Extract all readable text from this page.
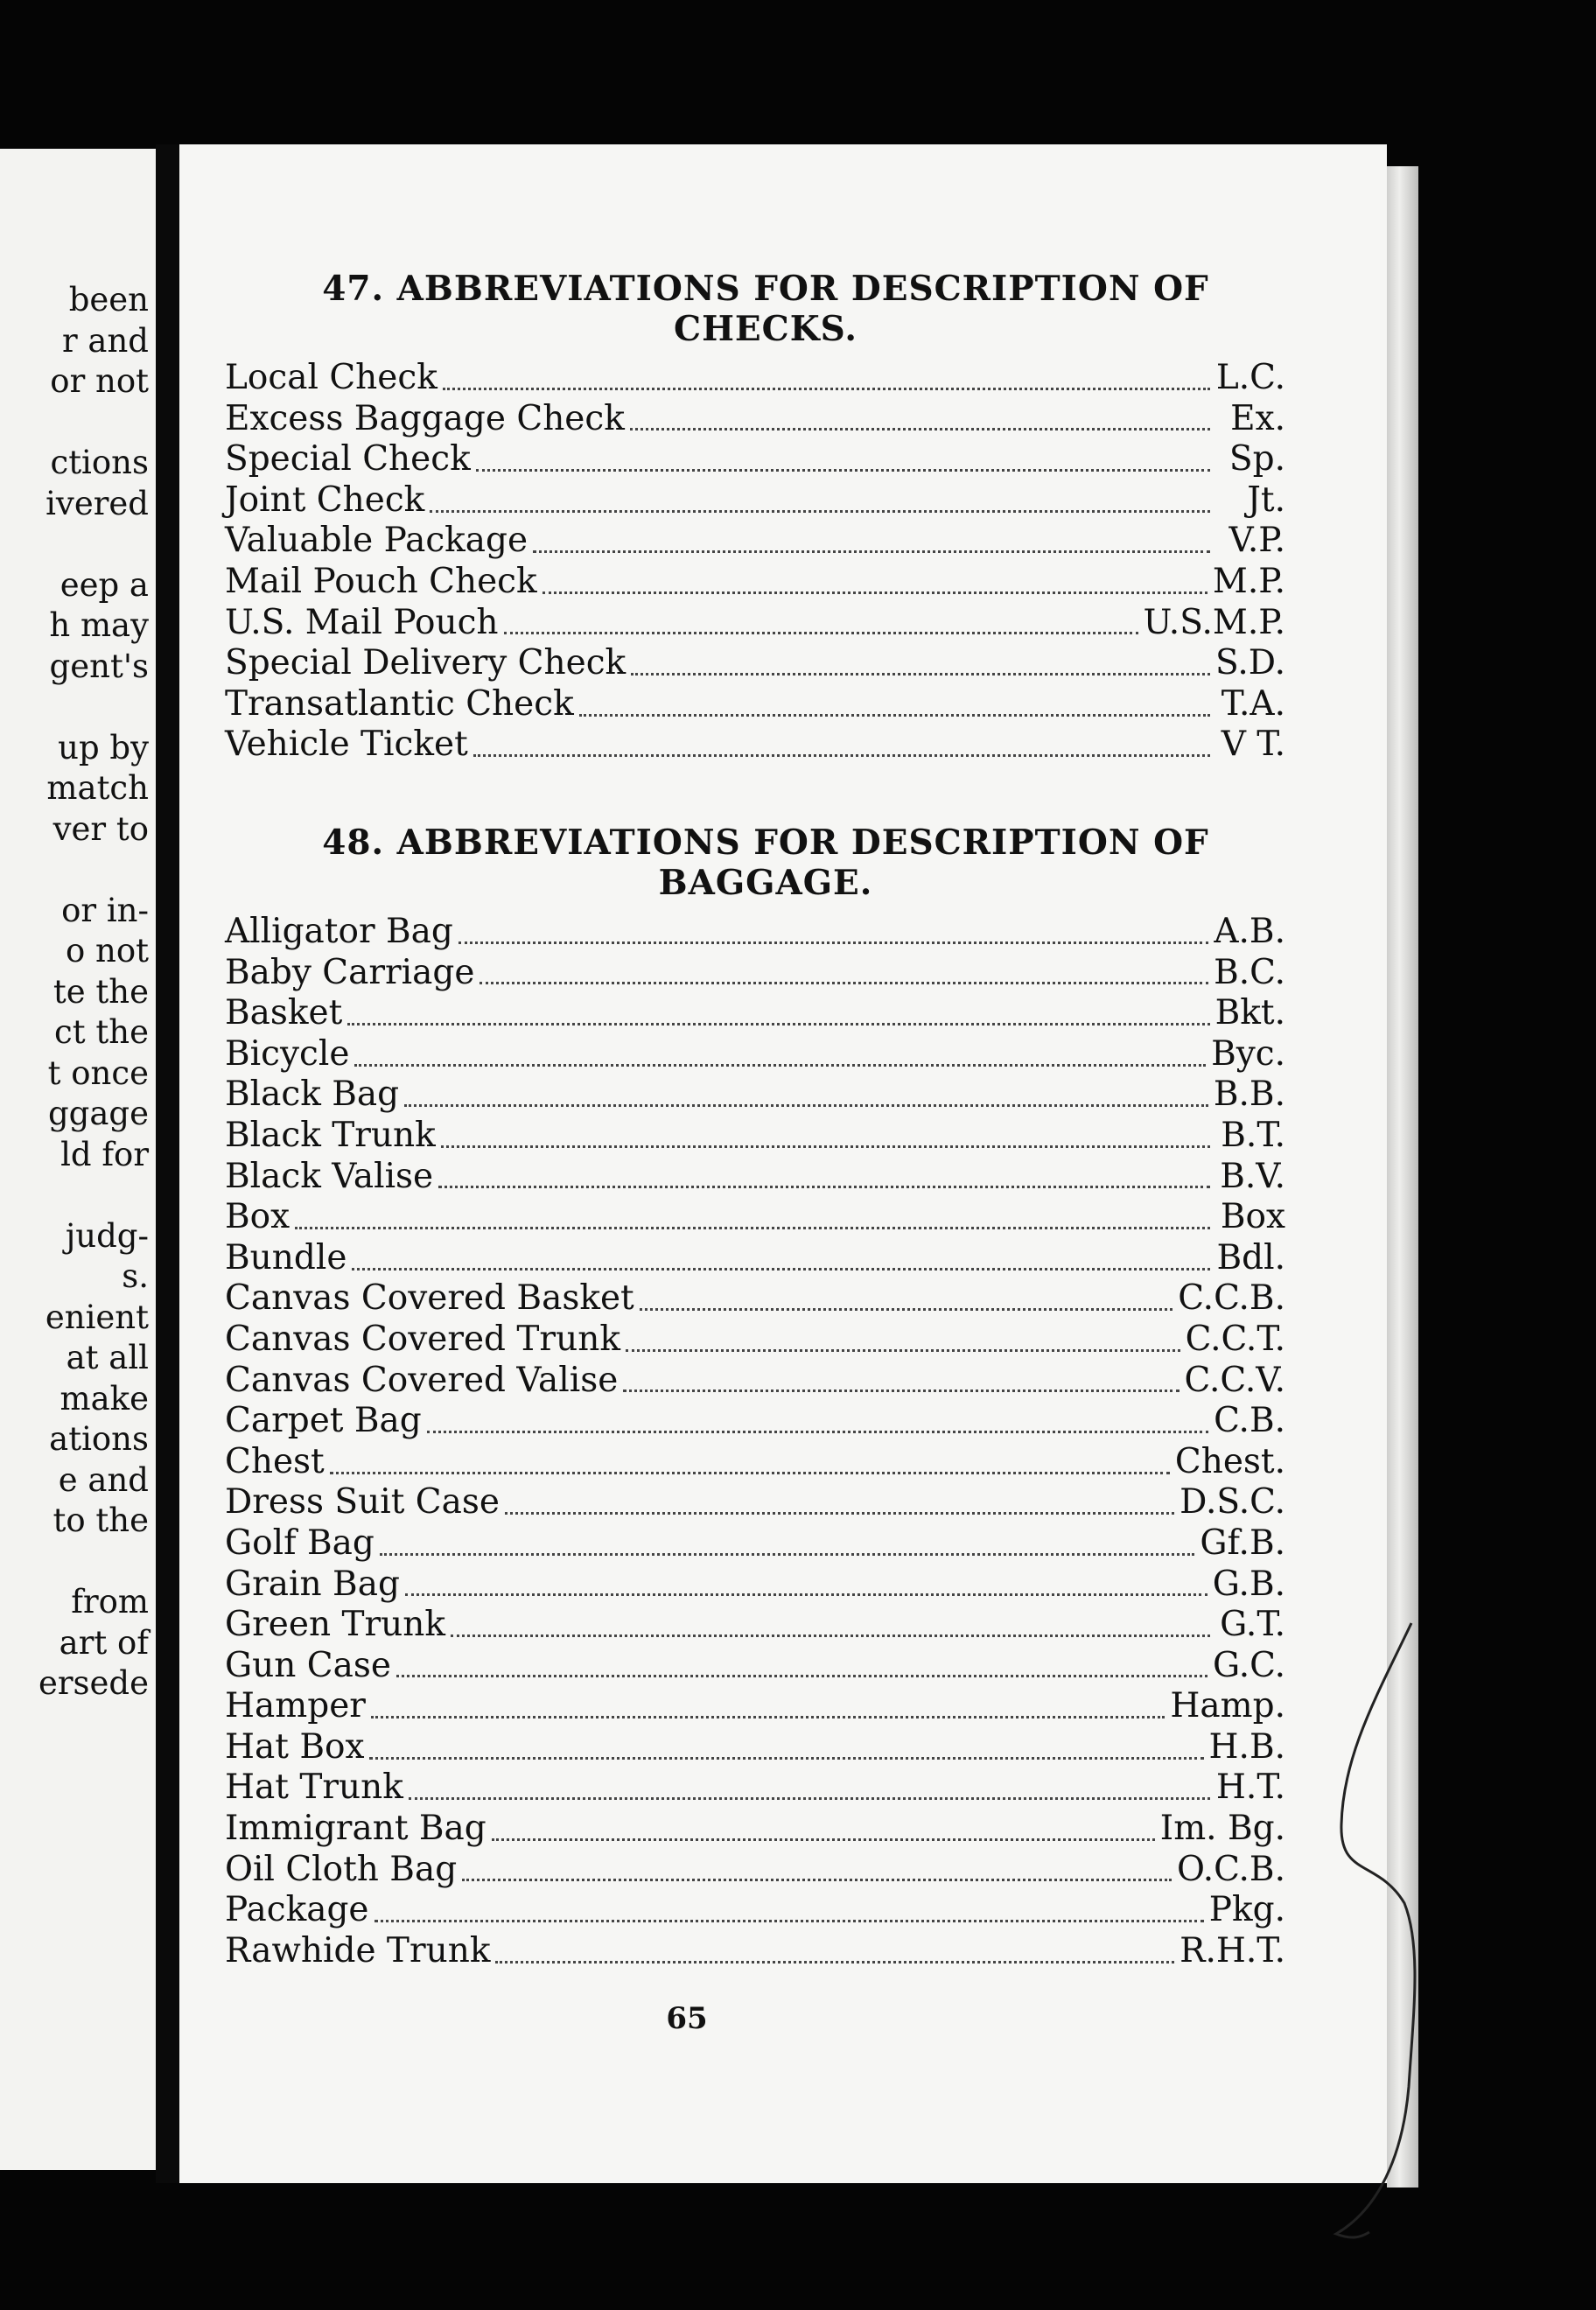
been
r and
or not
ctions
ivered
eep a
h may
gent's
up by
match
ver to
or in-
o not
te the
ct the
t once
ggage
ld for
judg-
s.
enient
at all
make
ations
e and
to the
from
art of
ersede
47. ABBREVIATIONS FOR DESCRIPTION OF
CHECKS.
Local Check	L.C.
Excess Baggage Check	Ex.
Special Check	Sp.
Joint Check	Jt.
Valuable Package	V.P.
Mail Pouch Check	M.P.
U.S. Mail Pouch	U.S.M.P.
Special Delivery Check	S.D.
Transatlantic Check	T.A.
Vehicle Ticket	V T.
48. ABBREVIATIONS FOR DESCRIPTION OF
BAGGAGE.
Alligator Bag	A.B.
Baby Carriage	B.C.
Basket	Bkt.
Bicycle	Byc.
Black Bag	B.B.
Black Trunk	B.T.
Black Valise	B.V.
Box	Box
Bundle	Bdl.
Canvas Covered Basket	C.C.B.
Canvas Covered Trunk	C.C.T.
Canvas Covered Valise	C.C.V.
Carpet Bag	C.B.
Chest	Chest.
Dress Suit Case	D.S.C.
Golf Bag	Gf.B.
Grain Bag	G.B.
Green Trunk	G.T.
Gun Case	G.C.
Hamper	Hamp.
Hat Box	H.B.
Hat Trunk	H.T.
Immigrant Bag	Im. Bg.
Oil Cloth Bag	O.C.B.
Package	Pkg.
Rawhide Trunk	R.H.T.
65
